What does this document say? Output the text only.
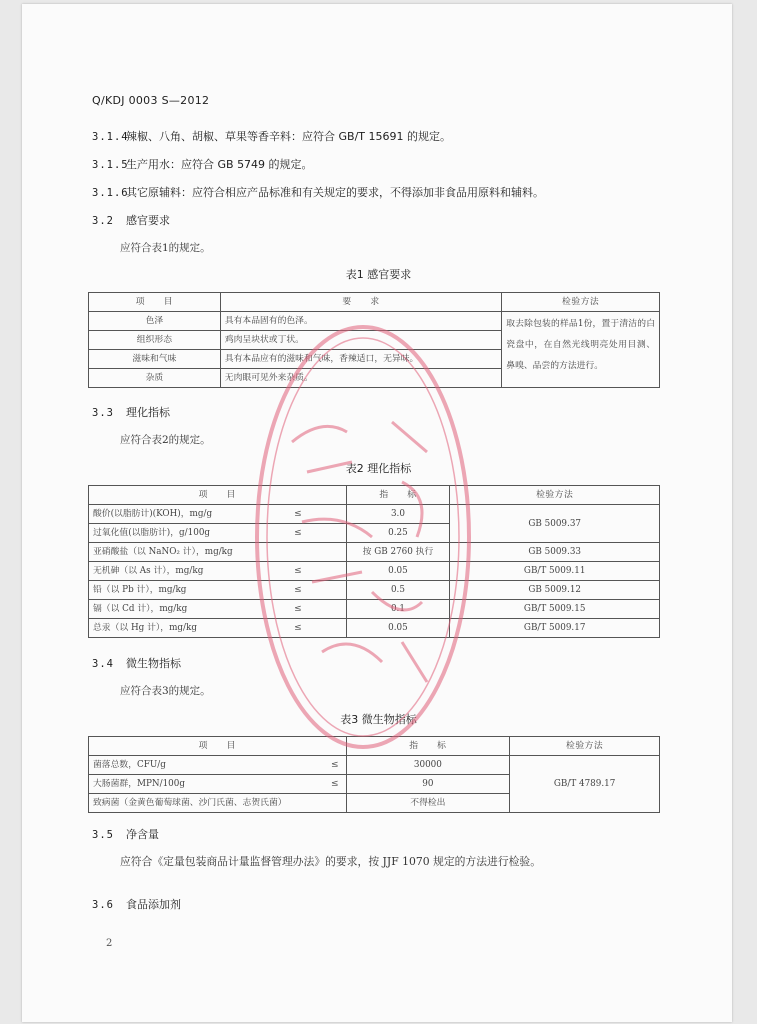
Q/KDJ 0003 S—2012
3.1.4辣椒、八角、胡椒、草果等香辛料：应符合 GB/T 15691 的规定。
3.1.5生产用水：应符合 GB 5749 的规定。
3.1.6其它原辅料：应符合相应产品标准和有关规定的要求，不得添加非食品用原料和辅料。
3.2 感官要求
应符合表1的规定。
表1 感官要求
项　　目	要　　求	检验方法
色泽	具有本品固有的色泽。	取去除包装的样品1份，置于清洁的白瓷盘中，在自然光线明亮处用目测、鼻嗅、品尝的方法进行。
组织形态	鸡肉呈块状或丁状。	
滋味和气味	具有本品应有的滋味和气味，香辣适口，无异味。	
杂质	无肉眼可见外来杂质。	
3.3 理化指标
应符合表2的规定。
表2 理化指标
项　　目		指　　标	检验方法
酸价(以脂肪计)(KOH)，mg/g	≤	3.0	GB 5009.37
过氧化值(以脂肪计)，g/100g	≤	0.25	
亚硝酸盐（以 NaNO₂ 计），mg/kg		按 GB 2760 执行	GB 5009.33
无机砷（以 As 计），mg/kg	≤	0.05	GB/T 5009.11
铅（以 Pb 计），mg/kg	≤	0.5	GB 5009.12
镉（以 Cd 计），mg/kg	≤	0.1	GB/T 5009.15
总汞（以 Hg 计），mg/kg	≤	0.05	GB/T 5009.17
3.4 微生物指标
应符合表3的规定。
表3 微生物指标
项　　目		指　　标	检验方法
菌落总数，CFU/g	≤	30000	GB/T 4789.17
大肠菌群，MPN/100g	≤	90	
致病菌（金黄色葡萄球菌、沙门氏菌、志贺氏菌）		不得检出	
3.5 净含量
应符合《定量包装商品计量监督管理办法》的要求，按 JJF 1070 规定的方法进行检验。
3.6 食品添加剂
2
